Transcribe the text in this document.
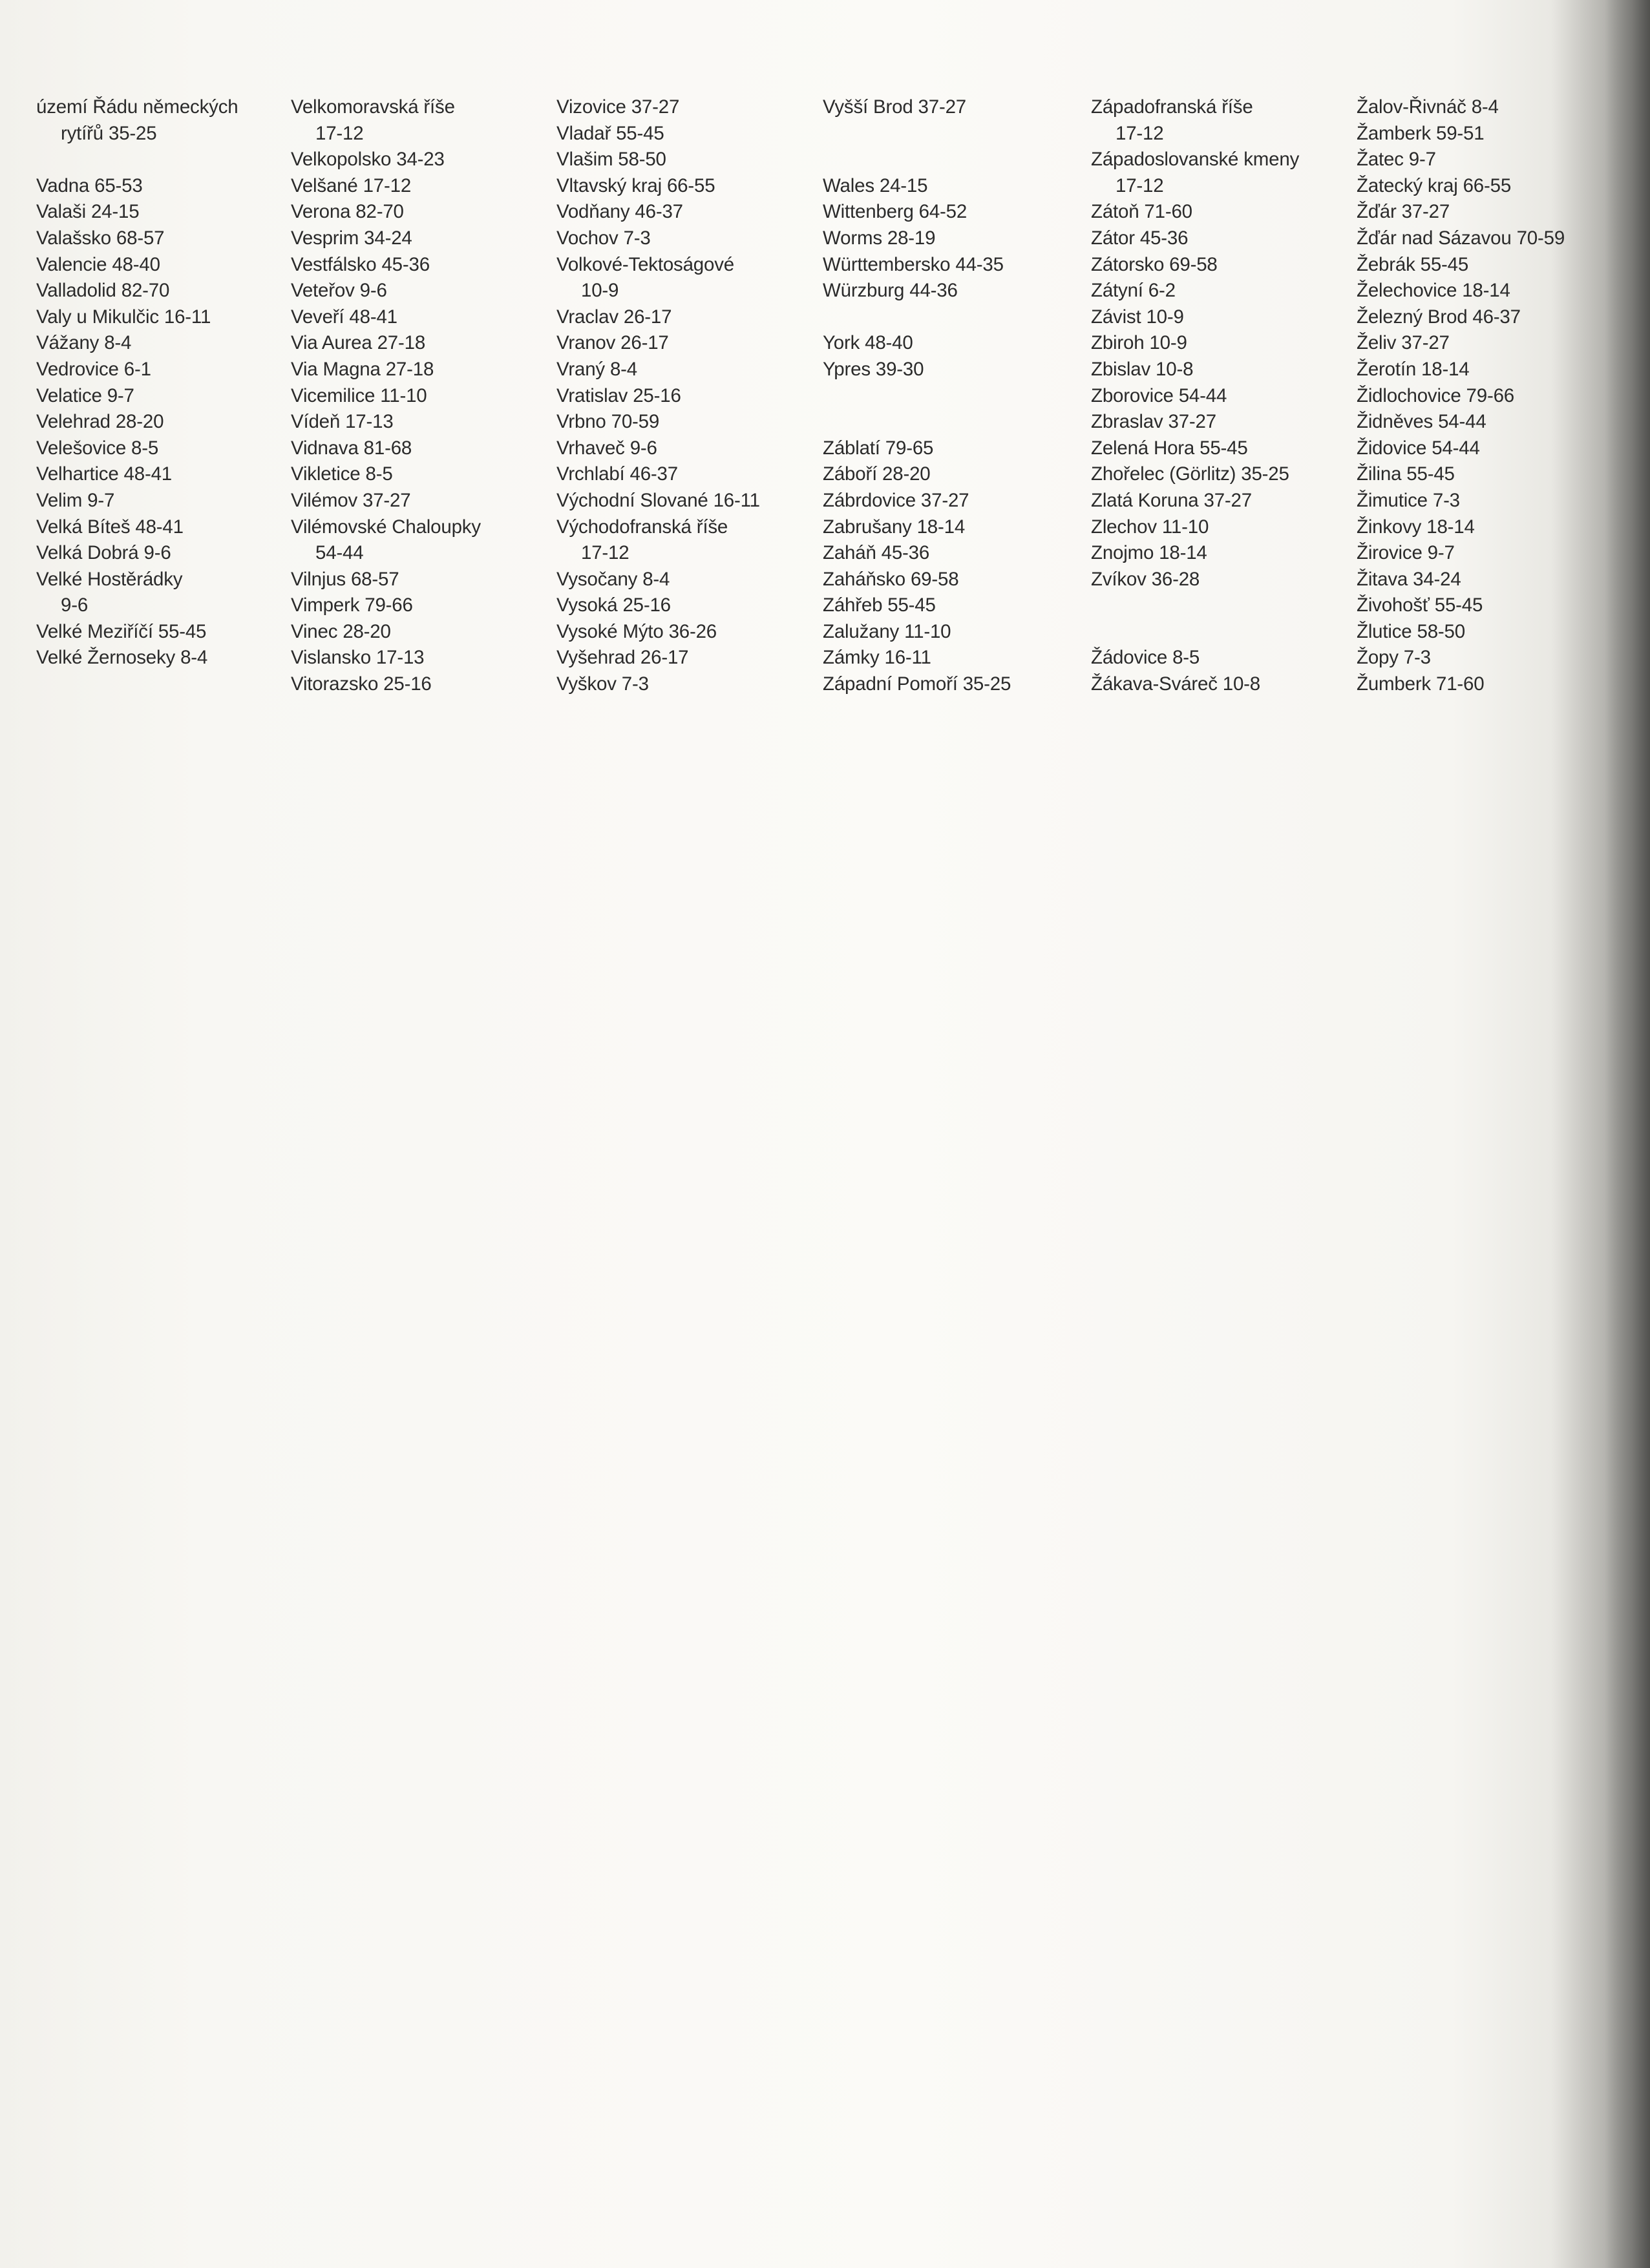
území Řádu německých
rytířů 35-25
Vadna 65-53
Valaši 24-15
Valašsko 68-57
Valencie 48-40
Valladolid 82-70
Valy u Mikulčic 16-11
Vážany 8-4
Vedrovice 6-1
Velatice 9-7
Velehrad 28-20
Velešovice 8-5
Velhartice 48-41
Velim 9-7
Velká Bíteš 48-41
Velká Dobrá 9-6
Velké Hostěrádky
9-6
Velké Meziříčí 55-45
Velké Žernoseky 8-4
Velkomoravská říše
17-12
Velkopolsko 34-23
Velšané 17-12
Verona 82-70
Vesprim 34-24
Vestfálsko 45-36
Veteřov 9-6
Veveří 48-41
Via Aurea 27-18
Via Magna 27-18
Vicemilice 11-10
Vídeň 17-13
Vidnava 81-68
Vikletice 8-5
Vilémov 37-27
Vilémovské Chaloupky
54-44
Vilnjus 68-57
Vimperk 79-66
Vinec 28-20
Vislansko 17-13
Vitorazsko 25-16
Vizovice 37-27
Vladař 55-45
Vlašim 58-50
Vltavský kraj 66-55
Vodňany 46-37
Vochov 7-3
Volkové-Tektoságové
10-9
Vraclav 26-17
Vranov 26-17
Vraný 8-4
Vratislav 25-16
Vrbno 70-59
Vrhaveč 9-6
Vrchlabí 46-37
Východní Slované 16-11
Východofranská říše
17-12
Vysočany 8-4
Vysoká 25-16
Vysoké Mýto 36-26
Vyšehrad 26-17
Vyškov 7-3
Vyšší Brod 37-27
Wales 24-15
Wittenberg 64-52
Worms 28-19
Württembersko 44-35
Würzburg 44-36
York 48-40
Ypres 39-30
Záblatí 79-65
Záboří 28-20
Zábrdovice 37-27
Zabrušany 18-14
Zaháň 45-36
Zaháňsko 69-58
Záhřeb 55-45
Zalužany 11-10
Zámky 16-11
Západní Pomoří 35-25
Západofranská říše
17-12
Západoslovanské kmeny
17-12
Zátoň 71-60
Zátor 45-36
Zátorsko 69-58
Zátyní 6-2
Závist 10-9
Zbiroh 10-9
Zbislav 10-8
Zborovice 54-44
Zbraslav 37-27
Zelená Hora 55-45
Zhořelec (Görlitz) 35-25
Zlatá Koruna 37-27
Zlechov 11-10
Znojmo 18-14
Zvíkov 36-28
Žádovice 8-5
Žákava-Sváreč 10-8
Žalov-Řivnáč 8-4
Žamberk 59-51
Žatec 9-7
Žatecký kraj 66-55
Žďár 37-27
Žďár nad Sázavou 70-59
Žebrák 55-45
Želechovice 18-14
Železný Brod 46-37
Želiv 37-27
Žerotín 18-14
Židlochovice 79-66
Židněves 54-44
Židovice 54-44
Žilina 55-45
Žimutice 7-3
Žinkovy 18-14
Žirovice 9-7
Žitava 34-24
Živohošť 55-45
Žlutice 58-50
Žopy 7-3
Žumberk 71-60
